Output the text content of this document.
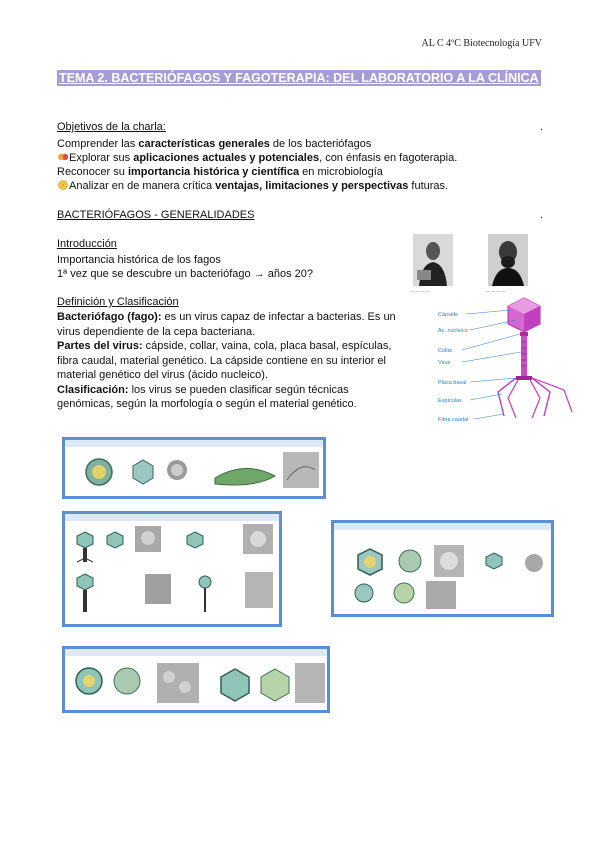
AL C 4ºC Biotecnología UFV
TEMA 2. BACTERIÓFAGOS Y FAGOTERAPIA: DEL LABORATORIO A LA CLÍNICA
Objetivos de la charla: .
Comprender las características generales de los bacteriófagos
Explorar sus aplicaciones actuales y potenciales, con énfasis en fagoterapia.
Reconocer su importancia histórica y científica en microbiología
Analizar en de manera crítica ventajas, limitaciones y perspectivas futuras.
BACTERIÓFAGOS - GENERALIDADES .
Introducción
Importancia histórica de los fagos
1ª vez que se descubre un bacteriófago → años 20?
— — — —	— — — —
Definición y Clasificación
Bacteriófago (fago): es un virus capaz de infectar a bacterias. Es un virus dependiente de la cepa bacteriana.
Partes del virus: cápside, collar, vaina, cola, placa basal, espículas, fibra caudal, material genético. La cápside contiene en su interior el material genético del virus (ácido nucleico).
Clasificación: los virus se pueden clasificar según técnicas genómicas, según la morfología o según el material genético.
Cápside
Ac. nucleico
Collar
Virus
Placa basal
Espículas
Fibra caudal
